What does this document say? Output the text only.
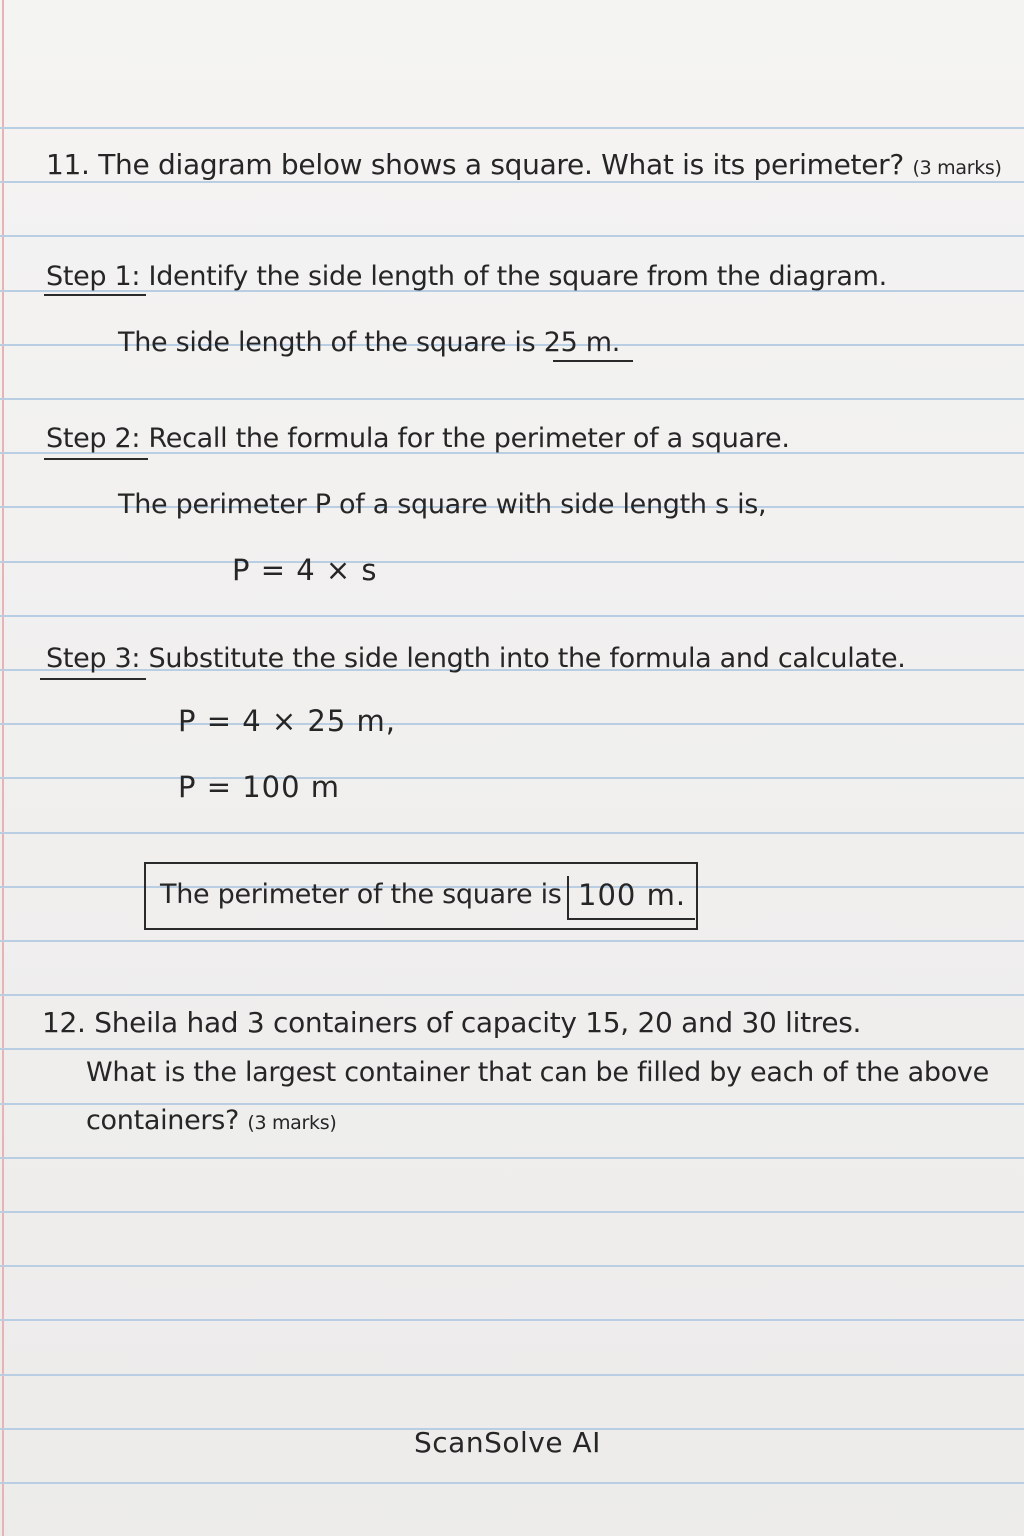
11. The diagram below shows a square. What is its perimeter? (3 marks)
Step 1: Identify the side length of the square from the diagram.
The side length of the square is 25 m.
Step 2: Recall the formula for the perimeter of a square.
The perimeter P of a square with side length s is,
P = 4 × s
Step 3: Substitute the side length into the formula and calculate.
P = 4 × 25 m,
P = 100 m
The perimeter of the square is 100 m.
12. Sheila had 3 containers of capacity 15, 20 and 30 litres.
What is the largest container that can be filled by each of the above
containers? (3 marks)
ScanSolve AI
